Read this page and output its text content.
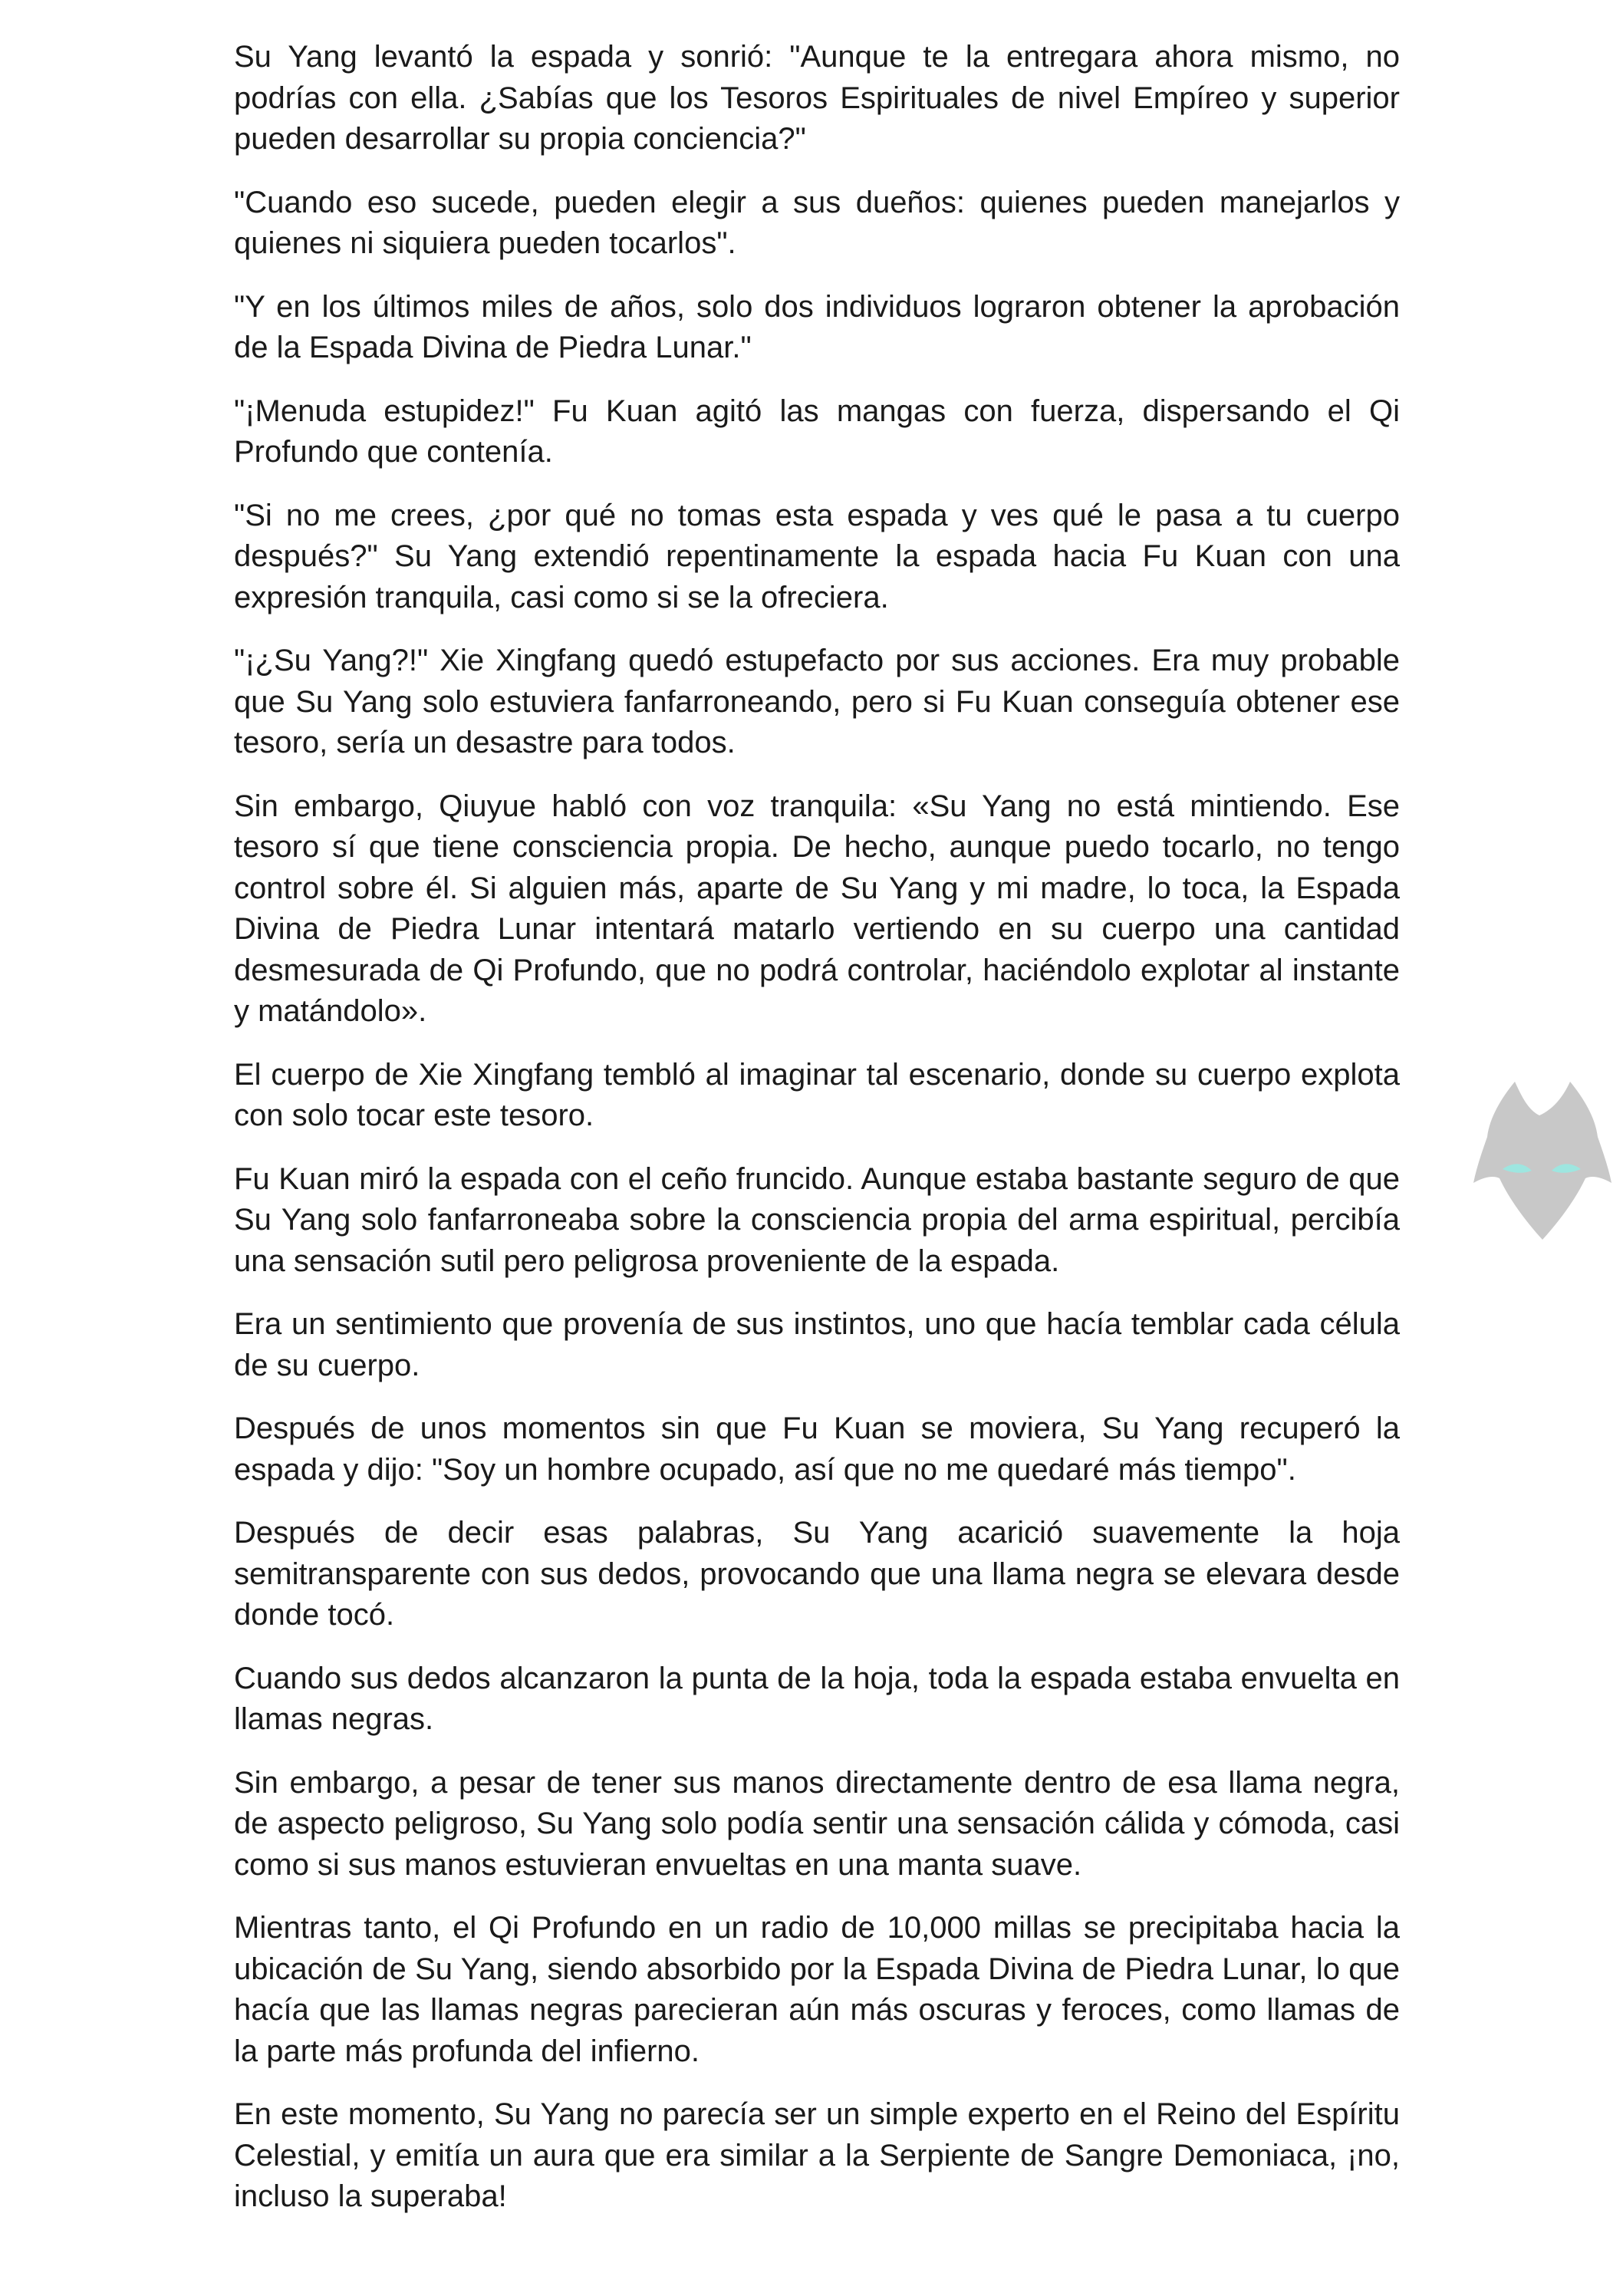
Su Yang levantó la espada y sonrió: "Aunque te la entregara ahora mismo, no podrías con ella. ¿Sabías que los Tesoros Espirituales de nivel Empíreo y superior pueden desarrollar su propia conciencia?"

"Cuando eso sucede, pueden elegir a sus dueños: quienes pueden manejarlos y quienes ni siquiera pueden tocarlos".

"Y en los últimos miles de años, solo dos individuos lograron obtener la aprobación de la Espada Divina de Piedra Lunar."

"¡Menuda estupidez!" Fu Kuan agitó las mangas con fuerza, dispersando el Qi Profundo que contenía.

"Si no me crees, ¿por qué no tomas esta espada y ves qué le pasa a tu cuerpo después?" Su Yang extendió repentinamente la espada hacia Fu Kuan con una expresión tranquila, casi como si se la ofreciera.

"¡¿Su Yang?!" Xie Xingfang quedó estupefacto por sus acciones. Era muy probable que Su Yang solo estuviera fanfarroneando, pero si Fu Kuan conseguía obtener ese tesoro, sería un desastre para todos.

Sin embargo, Qiuyue habló con voz tranquila: «Su Yang no está mintiendo. Ese tesoro sí que tiene consciencia propia. De hecho, aunque puedo tocarlo, no tengo control sobre él. Si alguien más, aparte de Su Yang y mi madre, lo toca, la Espada Divina de Piedra Lunar intentará matarlo vertiendo en su cuerpo una cantidad desmesurada de Qi Profundo, que no podrá controlar, haciéndolo explotar al instante y matándolo».

El cuerpo de Xie Xingfang tembló al imaginar tal escenario, donde su cuerpo explota con solo tocar este tesoro.

Fu Kuan miró la espada con el ceño fruncido. Aunque estaba bastante seguro de que Su Yang solo fanfarroneaba sobre la consciencia propia del arma espiritual, percibía una sensación sutil pero peligrosa proveniente de la espada.

Era un sentimiento que provenía de sus instintos, uno que hacía temblar cada célula de su cuerpo.

Después de unos momentos sin que Fu Kuan se moviera, Su Yang recuperó la espada y dijo: "Soy un hombre ocupado, así que no me quedaré más tiempo".

Después de decir esas palabras, Su Yang acarició suavemente la hoja semitransparente con sus dedos, provocando que una llama negra se elevara desde donde tocó.

Cuando sus dedos alcanzaron la punta de la hoja, toda la espada estaba envuelta en llamas negras.

Sin embargo, a pesar de tener sus manos directamente dentro de esa llama negra, de aspecto peligroso, Su Yang solo podía sentir una sensación cálida y cómoda, casi como si sus manos estuvieran envueltas en una manta suave.

Mientras tanto, el Qi Profundo en un radio de 10,000 millas se precipitaba hacia la ubicación de Su Yang, siendo absorbido por la Espada Divina de Piedra Lunar, lo que hacía que las llamas negras parecieran aún más oscuras y feroces, como llamas de la parte más profunda del infierno.

En este momento, Su Yang no parecía ser un simple experto en el Reino del Espíritu Celestial, y emitía un aura que era similar a la Serpiente de Sangre Demoniaca, ¡no, incluso la superaba!
